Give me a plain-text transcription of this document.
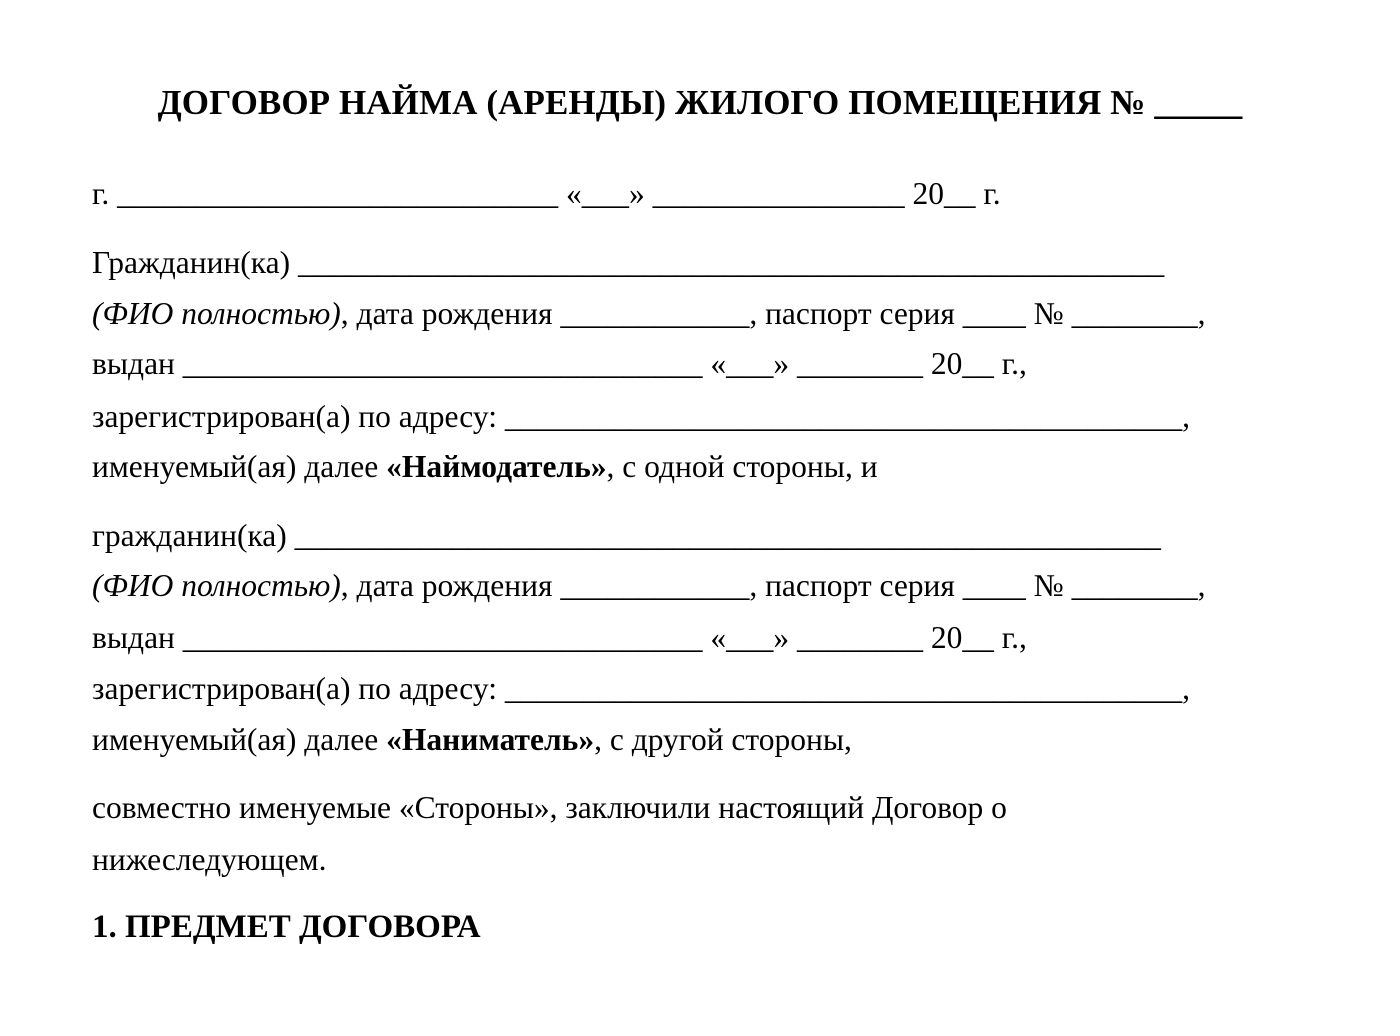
ДОГОВОР НАЙМА (АРЕНДЫ) ЖИЛОГО ПОМЕЩЕНИЯ № _____
г. ____________________________ «___» ________________ 20__ г.
Гражданин(ка) _______________________________________________________
(ФИО полностью), дата рождения ____________, паспорт серия ____ № ________,
выдан _________________________________ «___» ________ 20__ г.,
зарегистрирован(а) по адресу: ___________________________________________,
именуемый(ая) далее «Наймодатель», с одной стороны, и
гражданин(ка) _______________________________________________________
(ФИО полностью), дата рождения ____________, паспорт серия ____ № ________,
выдан _________________________________ «___» ________ 20__ г.,
зарегистрирован(а) по адресу: ___________________________________________,
именуемый(ая) далее «Наниматель», с другой стороны,
совместно именуемые «Стороны», заключили настоящий Договор о
нижеследующем.
1. ПРЕДМЕТ ДОГОВОРА
